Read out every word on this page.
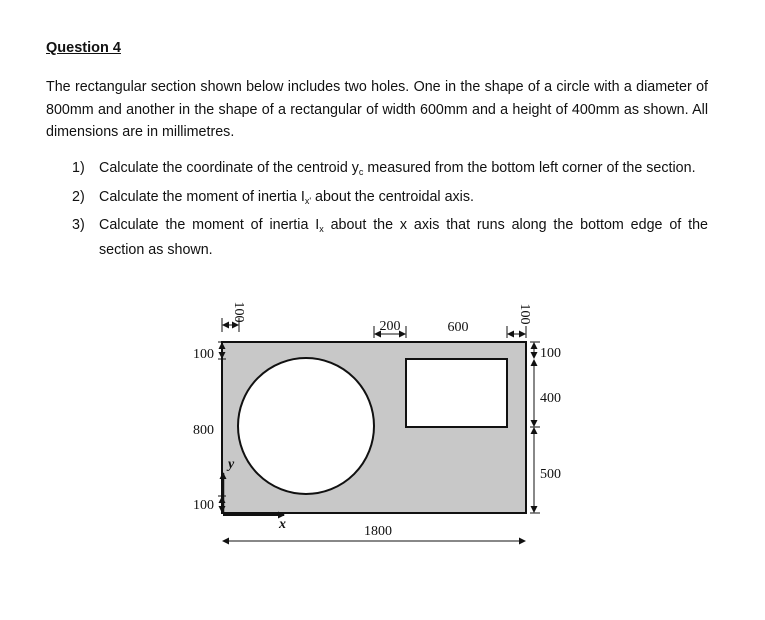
Question 4

The rectangular section shown below includes two holes. One in the shape of a circle with a diameter of 800mm and another in the shape of a rectangular of width 600mm and a height of 400mm as shown. All dimensions are in millimetres.

1) Calculate the coordinate of the centroid $y_c$ measured from the bottom left corner of the section.
2) Calculate the moment of inertia $I_{x'}$ about the centroidal axis.
3) Calculate the moment of inertia $I_x$ about the x axis that runs along the bottom edge of the section as shown.
100
200	600
100
100
800
100
100
400
500
1800
y
x
